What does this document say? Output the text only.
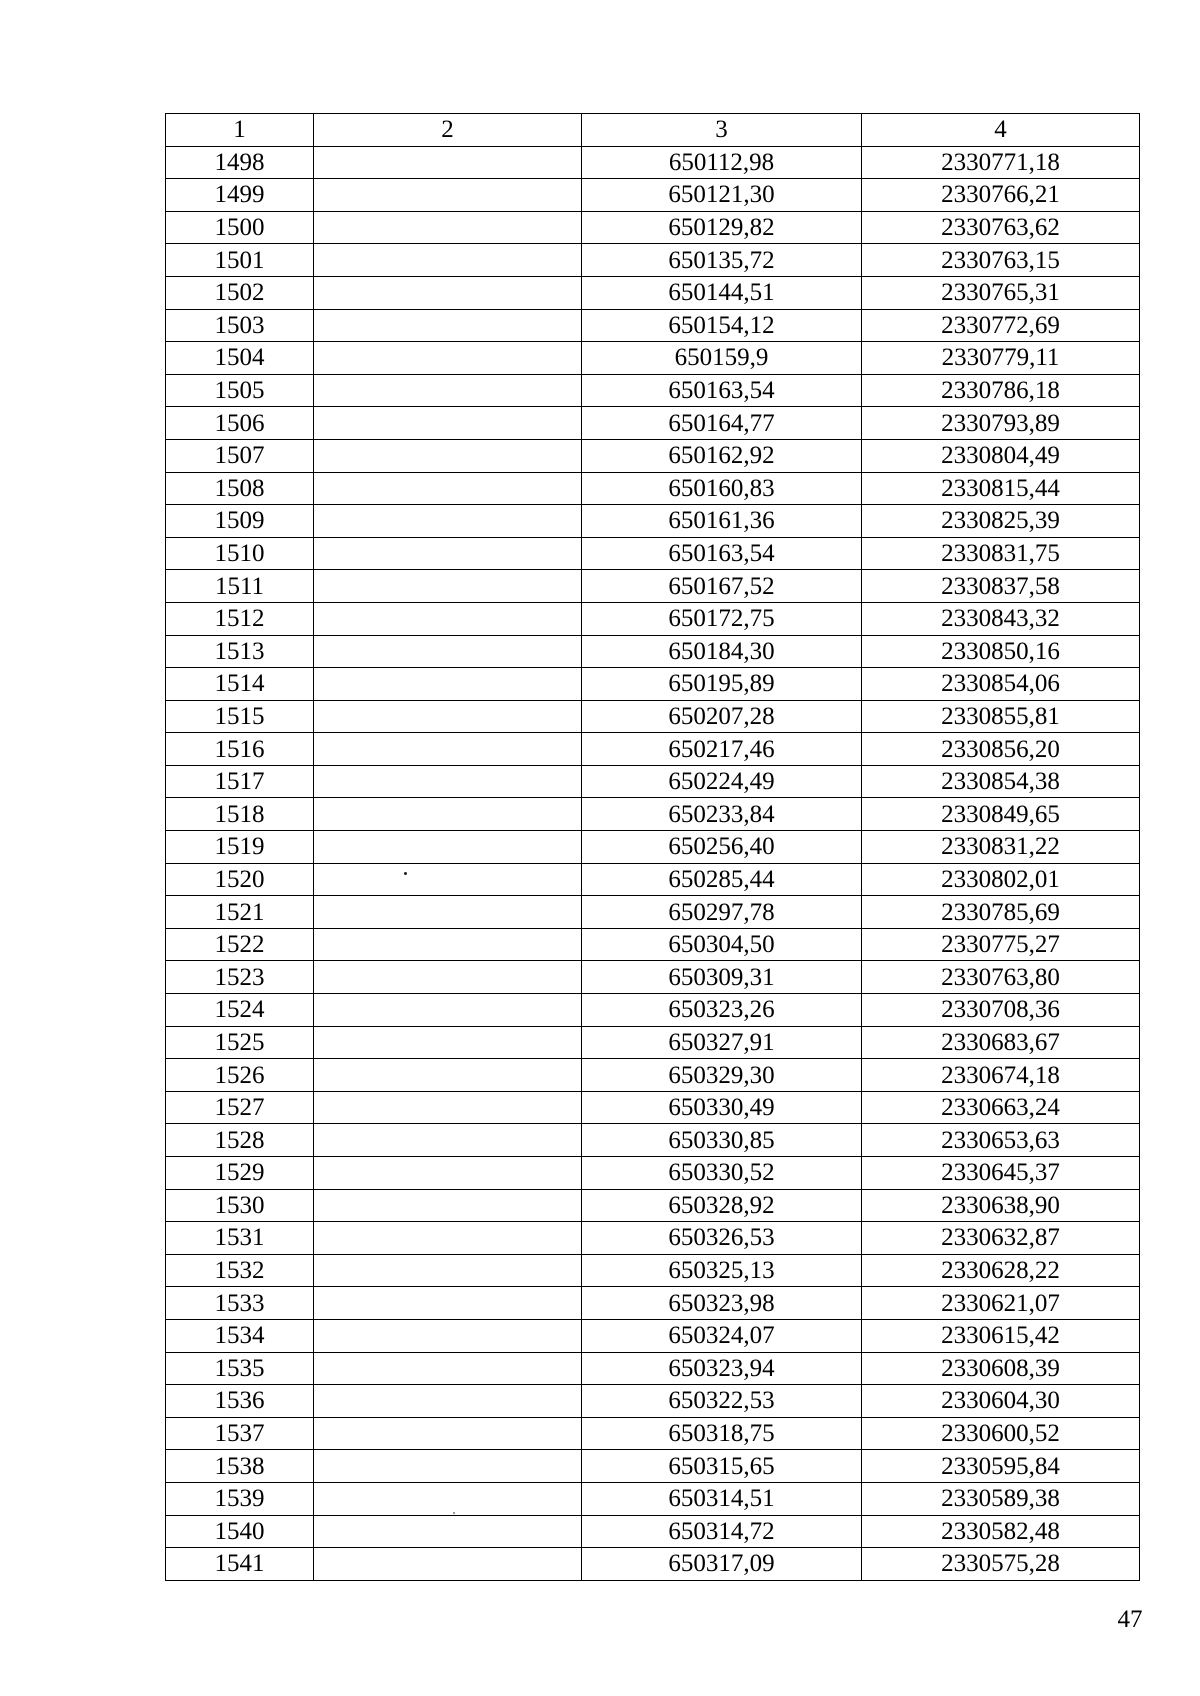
1	2	3	4
1498		650112,98	2330771,18
1499		650121,30	2330766,21
1500		650129,82	2330763,62
1501		650135,72	2330763,15
1502		650144,51	2330765,31
1503		650154,12	2330772,69
1504		650159,9	2330779,11
1505		650163,54	2330786,18
1506		650164,77	2330793,89
1507		650162,92	2330804,49
1508		650160,83	2330815,44
1509		650161,36	2330825,39
1510		650163,54	2330831,75
1511		650167,52	2330837,58
1512		650172,75	2330843,32
1513		650184,30	2330850,16
1514		650195,89	2330854,06
1515		650207,28	2330855,81
1516		650217,46	2330856,20
1517		650224,49	2330854,38
1518		650233,84	2330849,65
1519		650256,40	2330831,22
1520		650285,44	2330802,01
1521		650297,78	2330785,69
1522		650304,50	2330775,27
1523		650309,31	2330763,80
1524		650323,26	2330708,36
1525		650327,91	2330683,67
1526		650329,30	2330674,18
1527		650330,49	2330663,24
1528		650330,85	2330653,63
1529		650330,52	2330645,37
1530		650328,92	2330638,90
1531		650326,53	2330632,87
1532		650325,13	2330628,22
1533		650323,98	2330621,07
1534		650324,07	2330615,42
1535		650323,94	2330608,39
1536		650322,53	2330604,30
1537		650318,75	2330600,52
1538		650315,65	2330595,84
1539		650314,51	2330589,38
1540		650314,72	2330582,48
1541		650317,09	2330575,28
47
